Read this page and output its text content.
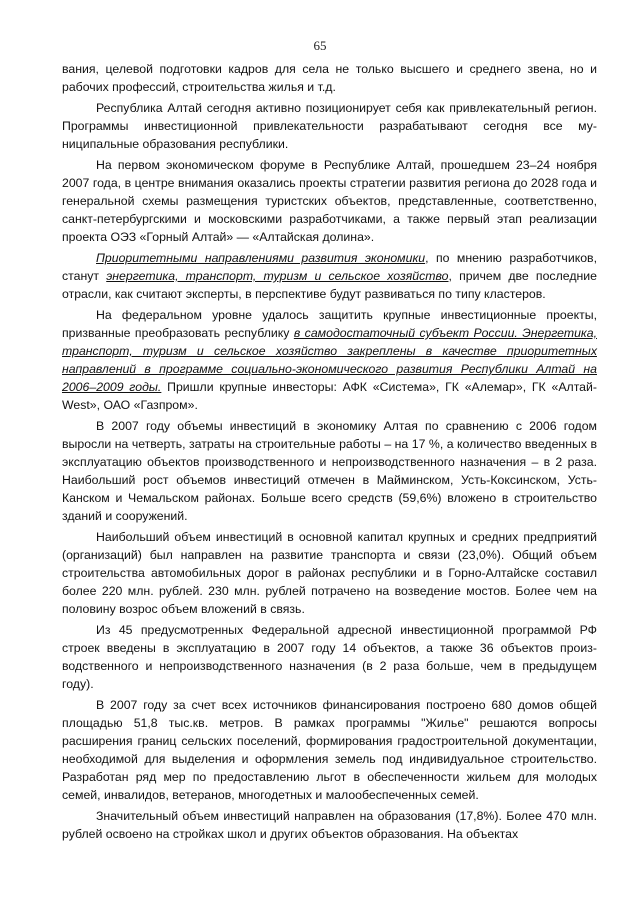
65

вания, целевой подготовки кадров для села не только высшего и среднего звена, но и рабочих профессий, строительства жилья и т.д.

Республика Алтай сегодня активно позиционирует себя как привлекательный регион. Программы инвестиционной привлекательности разрабатывают сегодня все муниципальные образования республики.

На первом экономическом форуме в Республике Алтай, прошедшем 23–24 ноября 2007 года, в центре внимания оказались проекты стратегии развития региона до 2028 года и генеральной схемы размещения туристских объектов, представленные, соответственно, санкт-петербургскими и московскими разработчиками, а также первый этап реализации проекта ОЭЗ «Горный Алтай» — «Алтайская долина».

Приоритетными направлениями развития экономики, по мнению разработчиков, станут энергетика, транспорт, туризм и сельское хозяйство, причем две последние отрасли, как считают эксперты, в перспективе будут развиваться по типу кластеров.

На федеральном уровне удалось защитить крупные инвестиционные проекты, призванные преобразовать республику в самодостаточный субъект России. Энергетика, транспорт, туризм и сельское хозяйство закреплены в качестве приоритетных направлений в программе социально-экономического развития Республики Алтай на 2006–2009 годы. Пришли крупные инвесторы: АФК «Система», ГК «Алемар», ГК «Алтай-West», ОАО «Газпром».

В 2007 году объемы инвестиций в экономику Алтая по сравнению с 2006 годом выросли на четверть, затраты на строительные работы – на 17 %, а количество введенных в эксплуатацию объектов производственного и непроизводственного назначения – в 2 раза. Наибольший рост объемов инвестиций отмечен в Майминском, Усть-Коксинском, Усть-Канском и Чемальском районах. Больше всего средств (59,6%) вложено в строительство зданий и сооружений.

Наибольший объем инвестиций в основной капитал крупных и средних предприятий (организаций) был направлен на развитие транспорта и связи (23,0%). Общий объем строительства автомобильных дорог в районах республики и в Горно-Алтайске составил более 220 млн. рублей. 230 млн. рублей потрачено на возведение мостов. Более чем на половину возрос объем вложений в связь.

Из 45 предусмотренных Федеральной адресной инвестиционной программой РФ строек введены в эксплуатацию в 2007 году 14 объектов, а также 36 объектов производственного и непроизводственного назначения (в 2 раза больше, чем в предыдущем году).

В 2007 году за счет всех источников финансирования построено 680 домов общей площадью 51,8 тыс.кв. метров. В рамках программы "Жилье" решаются вопросы расширения границ сельских поселений, формирования градостроительной документации, необходимой для выделения и оформления земель под индивидуальное строительство. Разработан ряд мер по предоставлению льгот в обеспеченности жильем для молодых семей, инвалидов, ветеранов, многодетных и малообеспеченных семей.

Значительный объем инвестиций направлен на образования (17,8%). Более 470 млн. рублей освоено на стройках школ и других объектов образования. На объектах
